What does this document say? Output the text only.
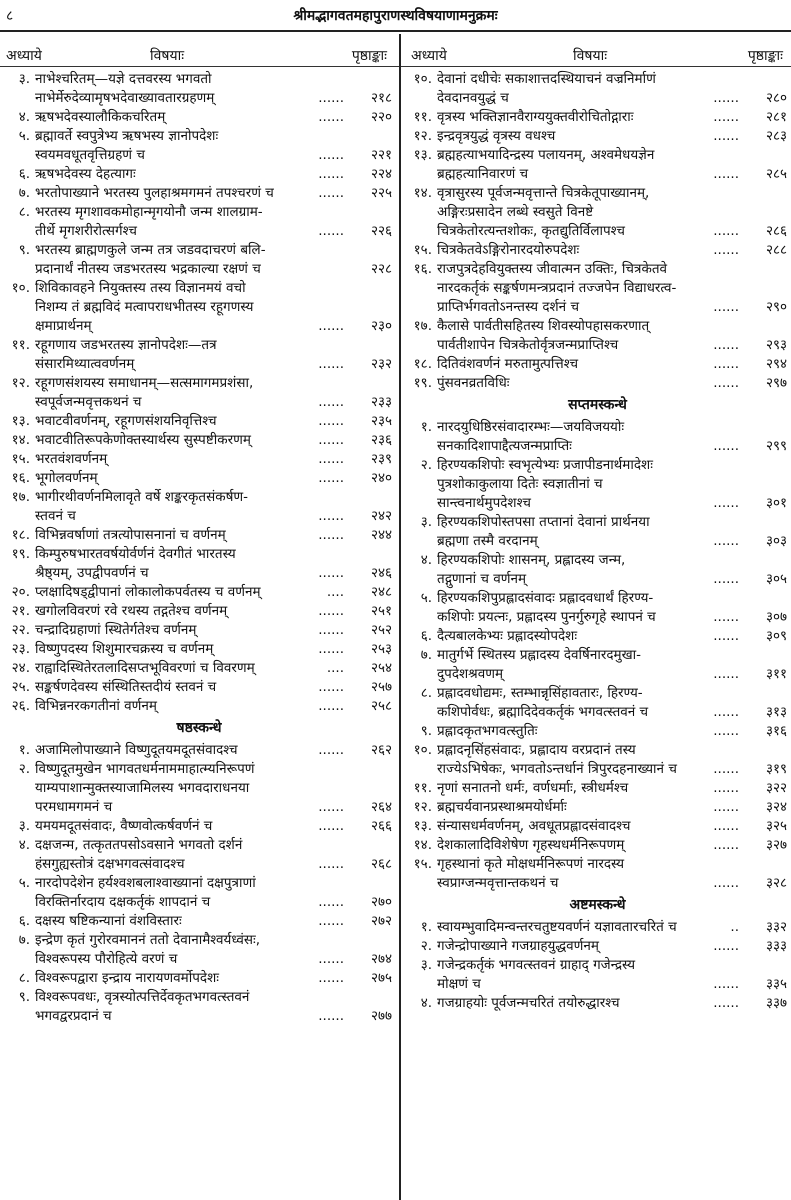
८	श्रीमद्भागवतमहापुराणस्थविषयाणामनुक्रमः
अध्याये	विषयाः	पृष्ठाङ्काः अध्याये	विषयाः	पृष्ठाङ्काः
३. नाभेश्चरितम्—यज्ञे दत्तवरस्य भगवतो
नाभेर्मेरुदेव्यामृषभदेवाख्यावतारग्रहणम्	......	२१८
४. ऋषभदेवस्यालौकिकचरितम्	......	२२०
५. ब्रह्मावर्ते स्वपुत्रेभ्य ऋषभस्य ज्ञानोपदेशः
स्वयमवधूतवृत्तिग्रहणं च	......	२२१
६. ऋषभदेवस्य देहत्यागः	......	२२४
७. भरतोपाख्याने भरतस्य पुलहाश्रमगमनं तपश्चरणं च	......	२२५
८. भरतस्य मृगशावकमोहान्मृगयोनौ जन्म शालग्राम-
तीर्थे मृगशरीरोत्सर्गश्च	......	२२६
९. भरतस्य ब्राह्मणकुले जन्म तत्र जडवदाचरणं बलि-
प्रदानार्थं नीतस्य जडभरतस्य भद्रकाल्या रक्षणं च	२२८
१०. शिविकावहने नियुक्तस्य तस्य विज्ञानमयं वचो
निशम्य तं ब्रह्मविदं मत्वापराधभीतस्य रहूगणस्य
क्षमाप्रार्थनम्	......	२३०
११. रहूगणाय जडभरतस्य ज्ञानोपदेशः—तत्र
संसारमिथ्यात्ववर्णनम्	......	२३२
१२. रहूगणसंशयस्य समाधानम्—सत्समागमप्रशंसा,
स्वपूर्वजन्मवृत्तकथनं च	......	२३३
१३. भवाटवीवर्णनम्, रहूगणसंशयनिवृत्तिश्च	......	२३५
१४. भवाटवीतिरूपकेणोक्तस्यार्थस्य सुस्पष्टीकरणम्	......	२३६
१५. भरतवंशवर्णनम्	......	२३९
१६. भूगोलवर्णनम्	......	२४०
१७. भागीरथीवर्णनमिलावृते वर्षे शङ्करकृतसंकर्षण-
स्तवनं च	......	२४२
१८. विभिन्नवर्षाणां तत्रत्योपासनानां च वर्णनम्	......	२४४
१९. किम्पुरुषभारतवर्षयोर्वर्णनं देवगीतं भारतस्य
श्रैष्ठ्यम्, उपद्वीपवर्णनं च	......	२४६
२०. प्लक्षादिषड्द्वीपानां लोकालोकपर्वतस्य च वर्णनम्	....	२४८
२१. खगोलविवरणं रवे रथस्य तद्गतेश्च वर्णनम्	......	२५१
२२. चन्द्रादिग्रहाणां स्थितेर्गतेश्च वर्णनम्	......	२५२
२३. विष्णुपदस्य शिशुमारचक्रस्य च वर्णनम्	......	२५३
२४. राह्वादिस्थितेरतलादिसप्तभूविवरणां च विवरणम्	....	२५४
२५. सङ्कर्षणदेवस्य संस्थितिस्तदीयं स्तवनं च	......	२५७
२६. विभिन्ननरकगतीनां वर्णनम्	......	२५८
षष्ठस्कन्धे
१. अजामिलोपाख्याने विष्णुदूतयमदूतसंवादश्च	......	२६२
२. विष्णुदूतमुखेन भागवतधर्मनाममाहात्म्यनिरूपणं
याम्यपाशान्मुक्तस्याजामिलस्य भगवदाराधनया
परमधामगमनं च	......	२६४
३. यमयमदूतसंवादः, वैष्णवोत्कर्षवर्णनं च	......	२६६
४. दक्षजन्म, तत्कृततपसोऽवसाने भगवतो दर्शनं
हंसगुह्यस्तोत्रं दक्षभगवत्संवादश्च	......	२६८
५. नारदोपदेशेन हर्यश्वशबलाश्वाख्यानां दक्षपुत्राणां
विरक्तिर्नारदाय दक्षकर्तृकं शापदानं च	......	२७०
६. दक्षस्य षष्टिकन्यानां वंशविस्तारः	......	२७२
७. इन्द्रेण कृतं गुरोरवमाननं ततो देवानामैश्वर्यध्वंसः,
विश्वरूपस्य पौरोहित्ये वरणं च	......	२७४
८. विश्वरूपद्वारा इन्द्राय नारायणवर्मोपदेशः	......	२७५
९. विश्वरूपवधः, वृत्रस्योत्पत्तिर्देवकृतभगवत्स्तवनं
भगवद्वरप्रदानं च	......	२७७
१०. देवानां दधीचेः सकाशात्तदस्थियाचनं वज्रनिर्माणं
देवदानवयुद्धं च	......	२८०
११. वृत्रस्य भक्तिज्ञानवैराग्ययुक्तवीरोचितोद्गाराः	......	२८१
१२. इन्द्रवृत्रयुद्धं वृत्रस्य वधश्च	......	२८३
१३. ब्रह्महत्याभयादिन्द्रस्य पलायनम्, अश्वमेधयज्ञेन
ब्रह्महत्यानिवारणं च	......	२८५
१४. वृत्रासुरस्य पूर्वजन्मवृत्तान्ते चित्रकेतूपाख्यानम्,
अङ्गिरःप्रसादेन लब्धे स्वसुते विनष्टे
चित्रकेतोरत्यन्तशोकः, कृतद्युतिर्विलापश्च	......	२८६
१५. चित्रकेतवेऽङ्गिरोनारदयोरुपदेशः	......	२८८
१६. राजपुत्रदेहवियुक्तस्य जीवात्मन उक्तिः, चित्रकेतवे
नारदकर्तृकं सङ्कर्षणमन्त्रप्रदानं तज्जपेन विद्याधरत्व-
प्राप्तिर्भगवतोऽनन्तस्य दर्शनं च	......	२९०
१७. कैलासे पार्वतीसहितस्य शिवस्योपहासकरणात्
पार्वतीशापेन चित्रकेतोर्वृत्रजन्मप्राप्तिश्च	......	२९३
१८. दितिवंशवर्णनं मरुतामुत्पत्तिश्च	......	२९४
१९. पुंसवनव्रतविधिः	......	२९७
सप्तमस्कन्धे
१. नारदयुधिष्ठिरसंवादारम्भः—जयविजययोः
सनकादिशापाद्दैत्यजन्मप्राप्तिः	......	२९९
२. हिरण्यकशिपोः स्वभृत्येभ्यः प्रजापीडनार्थमादेशः
पुत्रशोकाकुलाया दितेः स्वज्ञातीनां च
सान्त्वनार्थमुपदेशश्च	......	३०१
३. हिरण्यकशिपोस्तपसा तप्तानां देवानां प्रार्थनया
ब्रह्मणा तस्मै वरदानम्	......	३०३
४. हिरण्यकशिपोः शासनम्, प्रह्लादस्य जन्म,
तद्गुणानां च वर्णनम्	......	३०५
५. हिरण्यकशिपुप्रह्लादसंवादः प्रह्लादवधार्थं हिरण्य-
कशिपोः प्रयत्नः, प्रह्लादस्य पुनर्गुरुगृहे स्थापनं च	......	३०७
६. दैत्यबालकेभ्यः प्रह्लादस्योपदेशः	......	३०९
७. मातुर्गर्भे स्थितस्य प्रह्लादस्य देवर्षिनारदमुखा-
दुपदेशश्रवणम्	......	३११
८. प्रह्लादवधोद्यमः, स्तम्भान्नृसिंहावतारः, हिरण्य-
कशिपोर्वधः, ब्रह्मादिदेवकर्तृकं भगवत्स्तवनं च	......	३१३
९. प्रह्लादकृतभगवत्स्तुतिः	......	३१६
१०. प्रह्लादनृसिंहसंवादः, प्रह्लादाय वरप्रदानं तस्य
राज्येऽभिषेकः, भगवतोऽन्तर्धानं त्रिपुरदहनाख्यानं च	......	३१९
११. नृणां सनातनो धर्मः, वर्णधर्माः, स्त्रीधर्मश्च	......	३२२
१२. ब्रह्मचर्यवानप्रस्थाश्रमयोर्धर्माः	......	३२४
१३. संन्यासधर्मवर्णनम्, अवधूतप्रह्लादसंवादश्च	......	३२५
१४. देशकालादिविशेषेण गृहस्थधर्मनिरूपणम्	......	३२७
१५. गृहस्थानां कृते मोक्षधर्मनिरूपणं नारदस्य
स्वप्राग्जन्मवृत्तान्तकथनं च	......	३२८
अष्टमस्कन्धे
१. स्वायम्भुवादिमन्वन्तरचतुष्टयवर्णनं यज्ञावतारचरितं च	..	३३२
२. गजेन्द्रोपाख्याने गजग्राहयुद्धवर्णनम्	......	३३३
३. गजेन्द्रकर्तृकं भगवत्स्तवनं ग्राहाद् गजेन्द्रस्य
मोक्षणं च	......	३३५
४. गजग्राहयोः पूर्वजन्मचरितं तयोरुद्धारश्च	......	३३७
